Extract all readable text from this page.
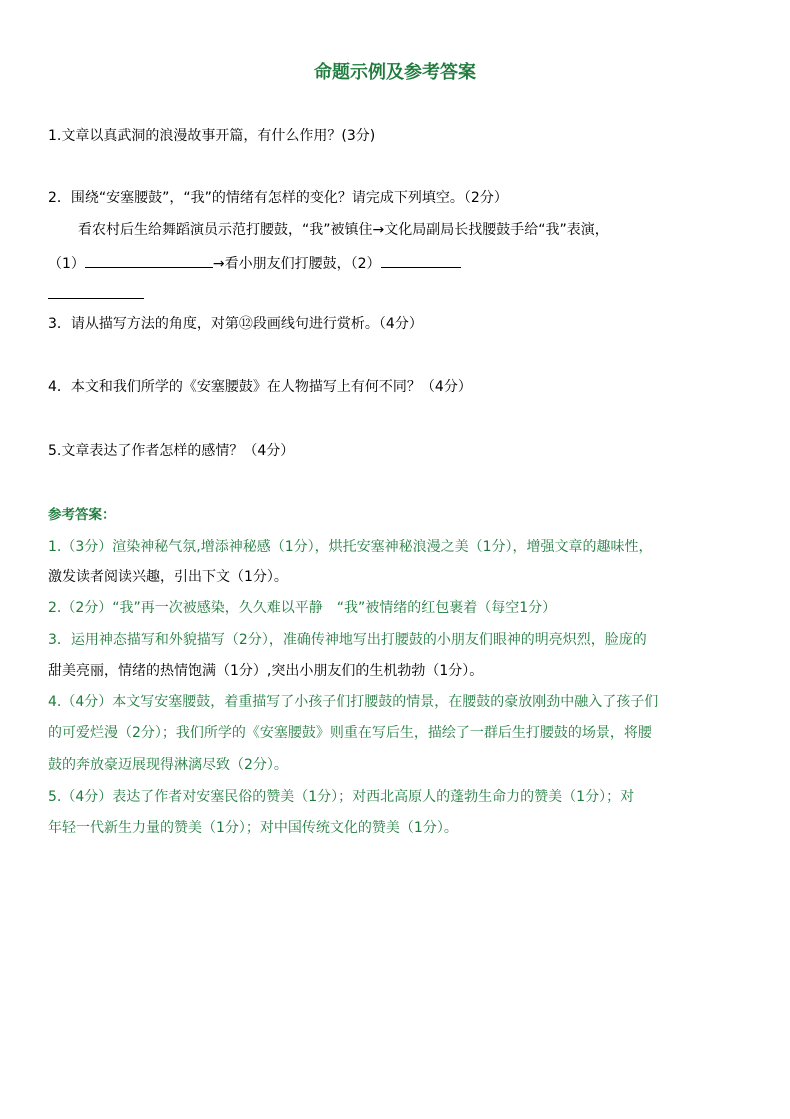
命题示例及参考答案
1.文章以真武洞的浪漫故事开篇，有什么作用？(3分)
2．围绕“安塞腰鼓”，“我”的情绪有怎样的变化？请完成下列填空。（2分）
看农村后生给舞蹈演员示范打腰鼓，“我”被镇住→文化局副局长找腰鼓手给“我”表演，
（1）	→看小朋友们打腰鼓，（2）
3．请从描写方法的角度，对第⑫段画线句进行赏析。（4分）
4．本文和我们所学的《安塞腰鼓》在人物描写上有何不同？（4分）
5.文章表达了作者怎样的感情？（4分）
参考答案：
1.（3分）渲染神秘气氛,增添神秘感（1分），烘托安塞神秘浪漫之美（1分），增强文章的趣味性，
激发读者阅读兴趣，引出下文（1分）。
2.（2分）“我”再一次被感染，久久难以平静　“我”被情绪的红包裹着（每空1分）
3．运用神态描写和外貌描写（2分），准确传神地写出打腰鼓的小朋友们眼神的明亮炽烈，脸庞的
甜美亮丽，情绪的热情饱满（1分）,突出小朋友们的生机勃勃（1分）。
4.（4分）本文写安塞腰鼓，着重描写了小孩子们打腰鼓的情景，在腰鼓的豪放刚劲中融入了孩子们
的可爱烂漫（2分）；我们所学的《安塞腰鼓》则重在写后生，描绘了一群后生打腰鼓的场景，将腰
鼓的奔放豪迈展现得淋漓尽致（2分）。
5.（4分）表达了作者对安塞民俗的赞美（1分）；对西北高原人的蓬勃生命力的赞美（1分）；对
年轻一代新生力量的赞美（1分）；对中国传统文化的赞美（1分）。
